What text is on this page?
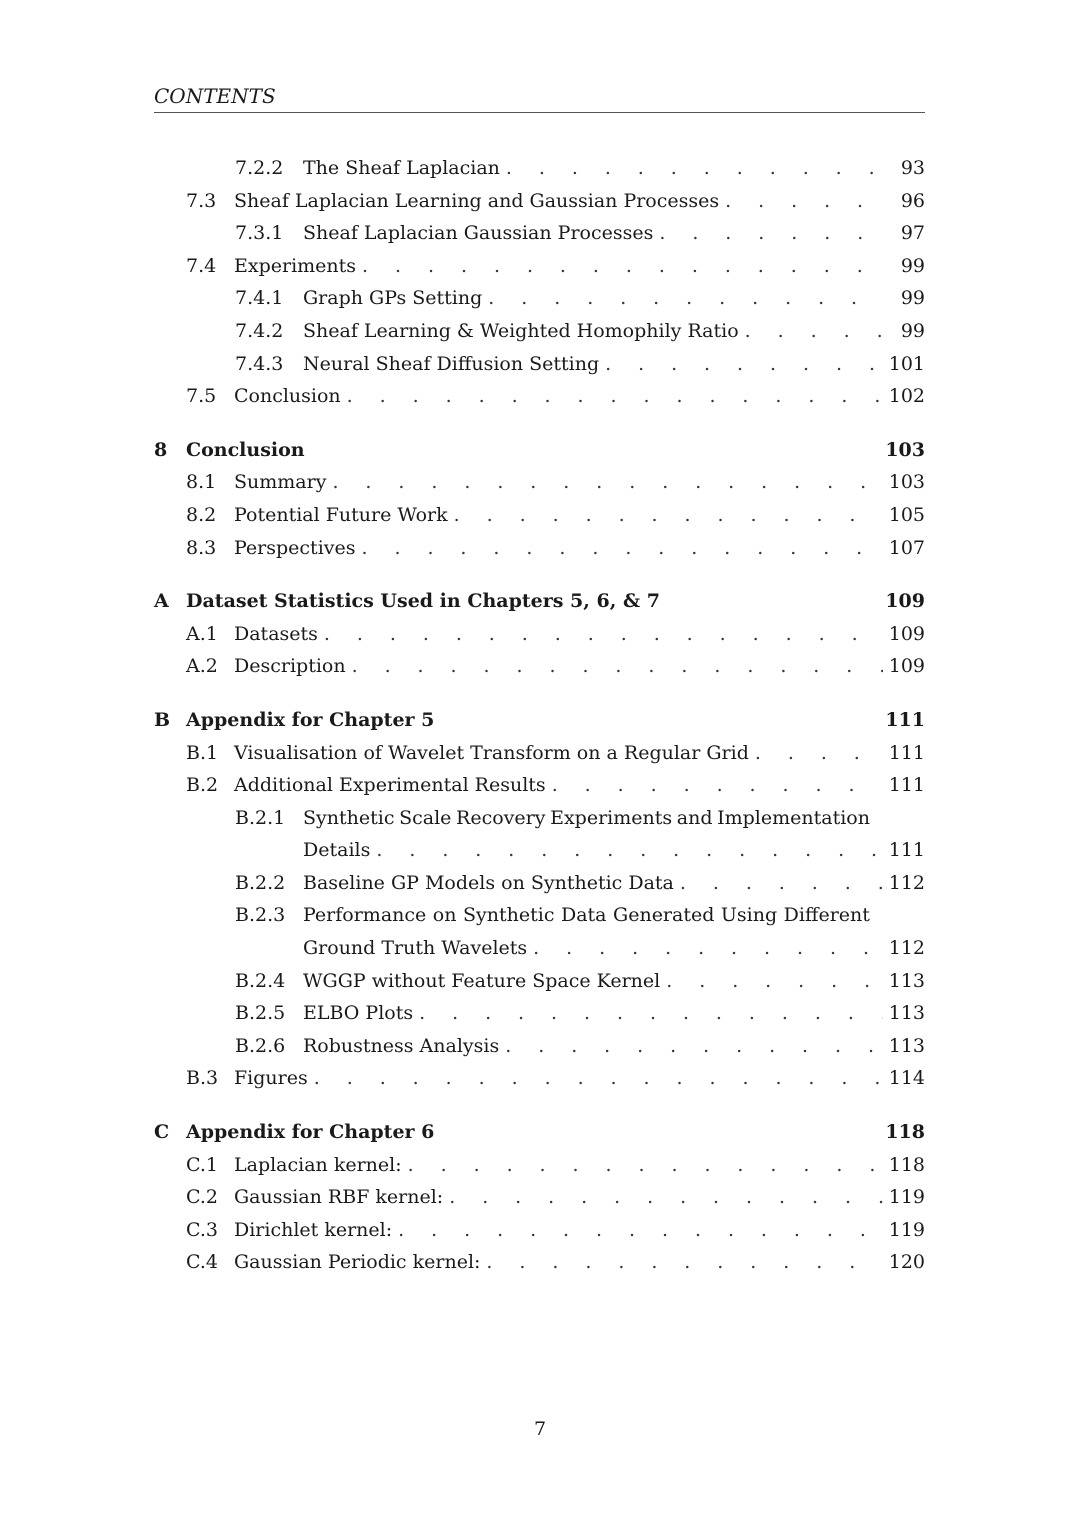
CONTENTS
7.2.2	The Sheaf Laplacian . . .	93
7.3 Sheaf Laplacian Learning and Gaussian Processes . . .	96
7.3.1	Sheaf Laplacian Gaussian Processes . . .	97
7.4 Experiments . . .	99
7.4.1	Graph GPs Setting . . .	99
7.4.2	Sheaf Learning & Weighted Homophily Ratio . . .	99
7.4.3	Neural Sheaf Diffusion Setting . . .	101
7.5 Conclusion . . .	102
8 Conclusion	103
8.1 Summary . . .	103
8.2 Potential Future Work . . .	105
8.3 Perspectives . . .	107
A Dataset Statistics Used in Chapters 5, 6, & 7	109
A.1 Datasets . . .	109
A.2 Description . . .	109
B Appendix for Chapter 5	111
B.1 Visualisation of Wavelet Transform on a Regular Grid . . .	111
B.2 Additional Experimental Results . . .	111
B.2.1 Synthetic Scale Recovery Experiments and Implementation
Details . . .	111
B.2.2 Baseline GP Models on Synthetic Data . . .	112
B.2.3 Performance on Synthetic Data Generated Using Different
Ground Truth Wavelets . . .	112
B.2.4 WGGP without Feature Space Kernel . . .	113
B.2.5 ELBO Plots . . .	113
B.2.6 Robustness Analysis . . .	113
B.3 Figures . . .	114
C Appendix for Chapter 6	118
C.1 Laplacian kernel: . . .	118
C.2 Gaussian RBF kernel: . . .	119
C.3 Dirichlet kernel: . . .	119
C.4 Gaussian Periodic kernel: . . .	120
7
